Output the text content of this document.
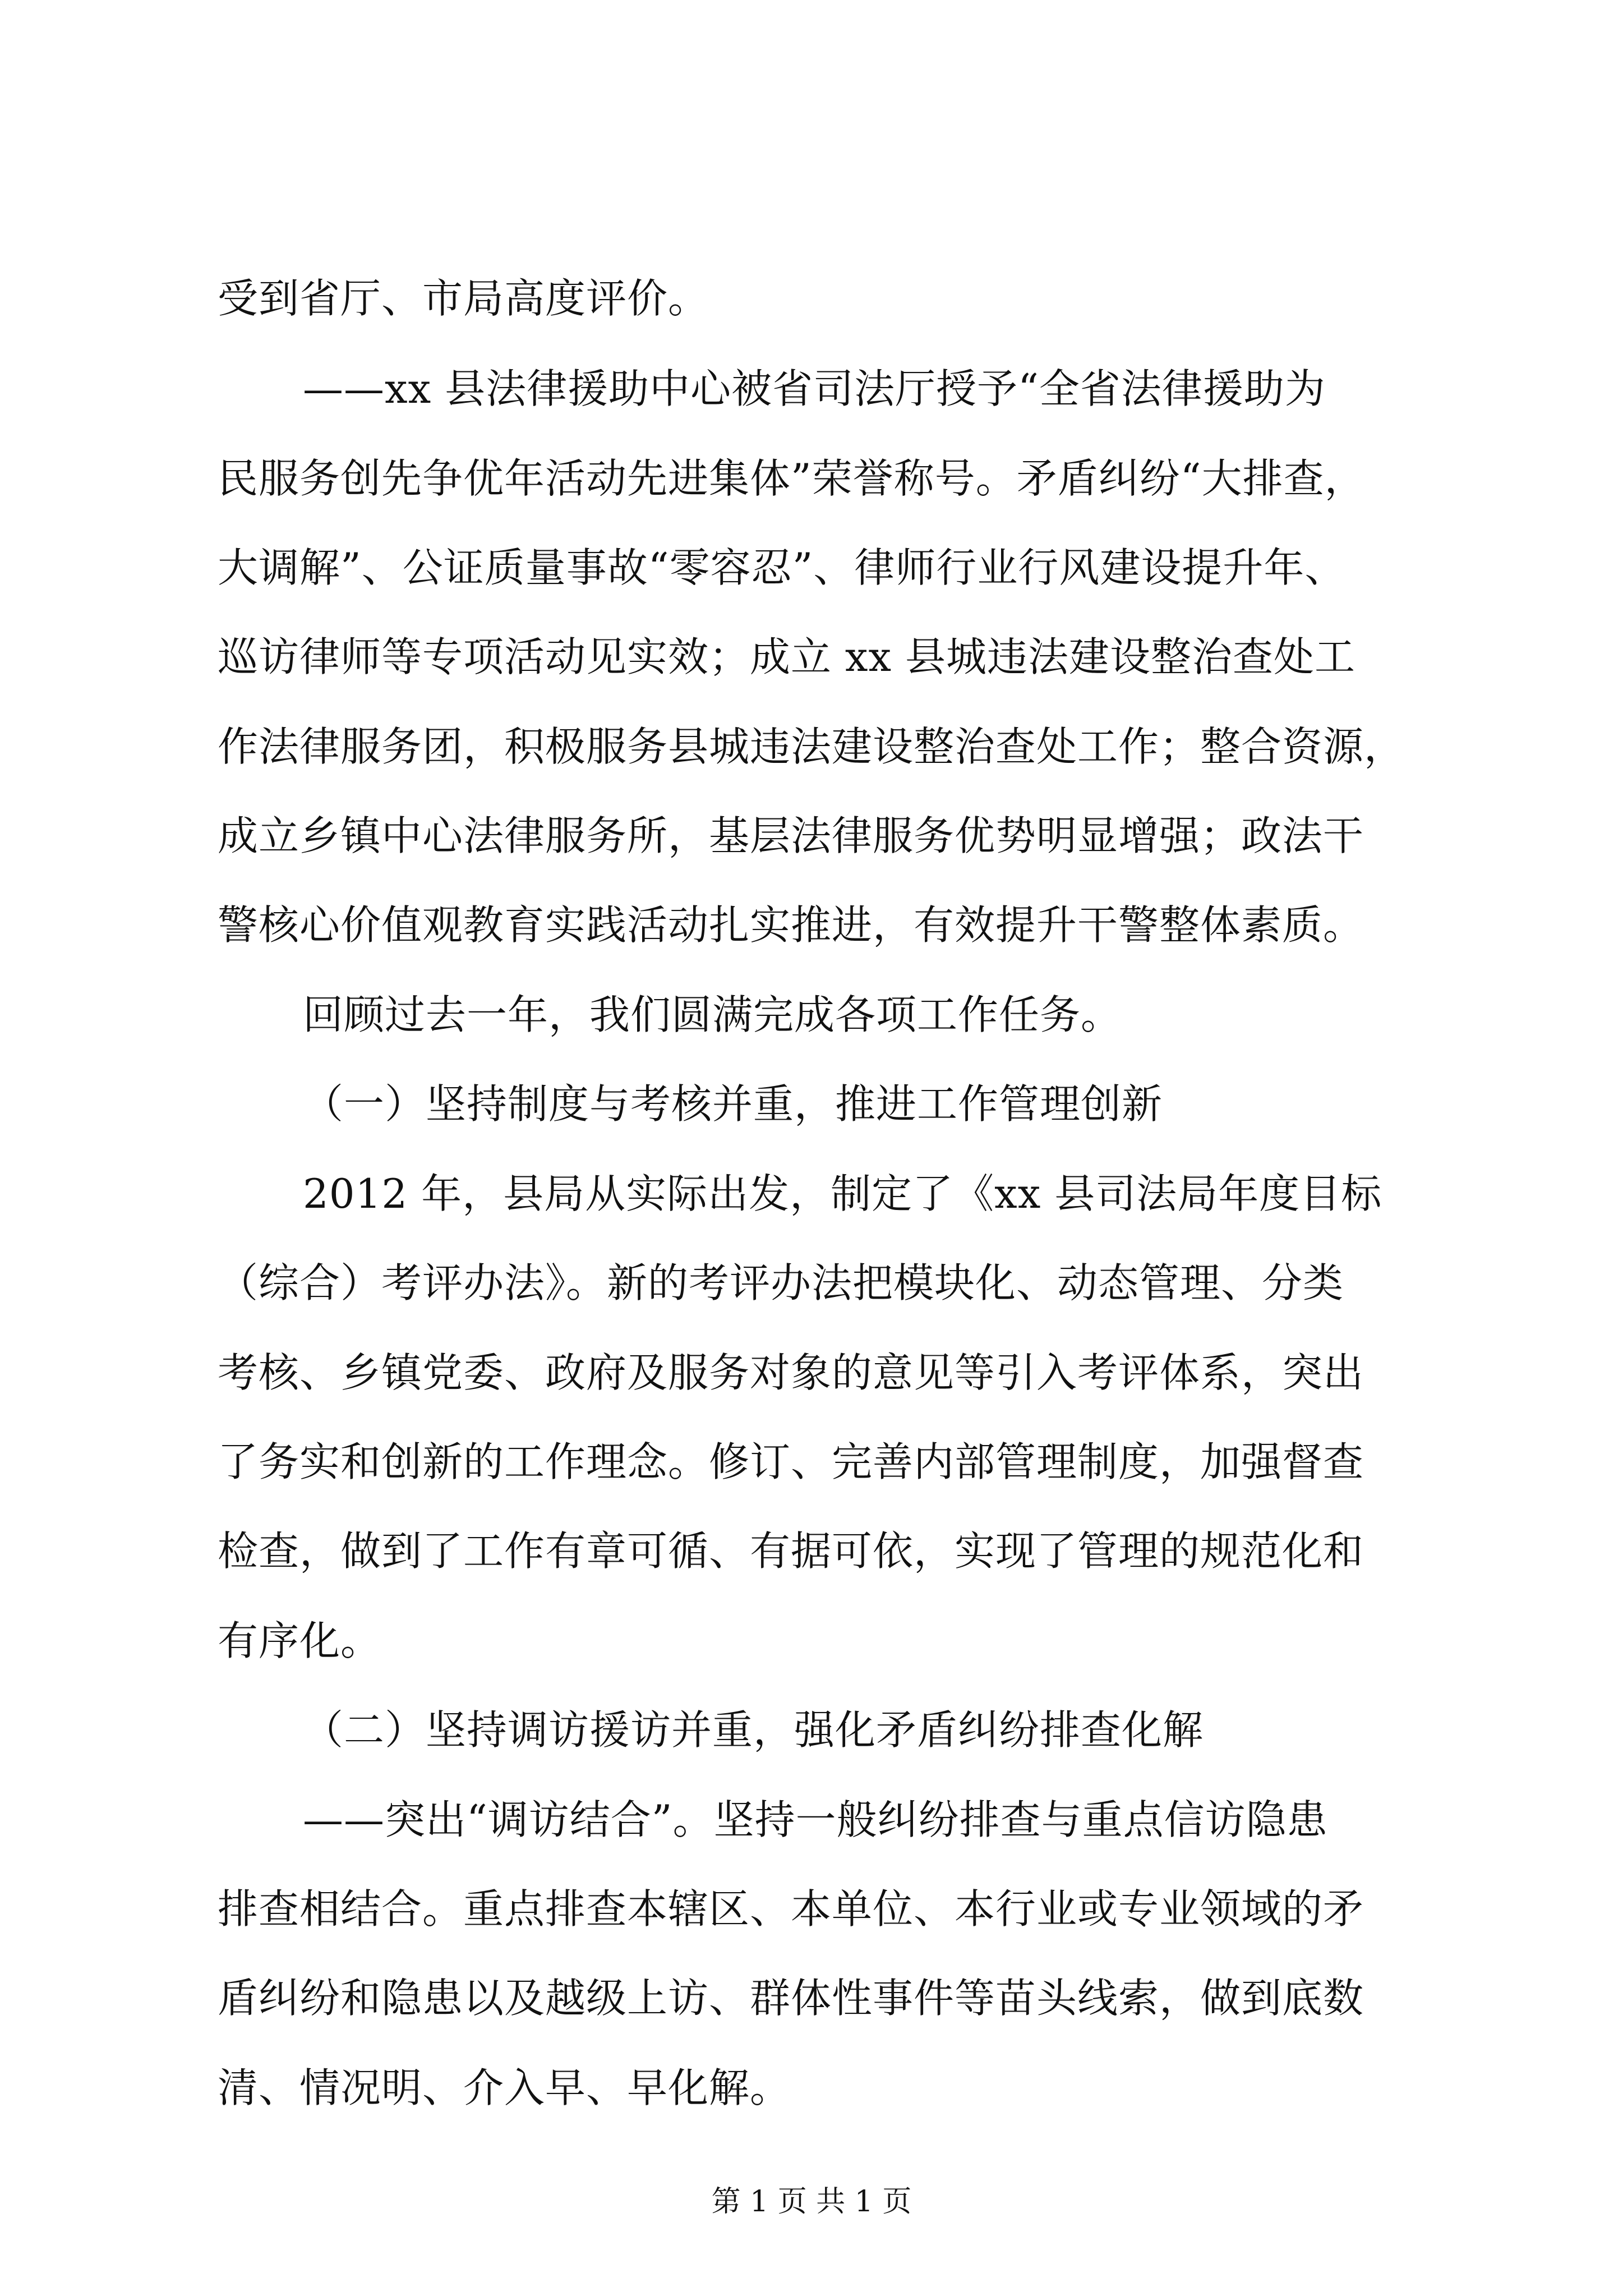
受到省厅、市局高度评价。
——xx 县法律援助中心被省司法厅授予“全省法律援助为
民服务创先争优年活动先进集体”荣誉称号。矛盾纠纷“大排查，
大调解”、公证质量事故“零容忍”、律师行业行风建设提升年、
巡访律师等专项活动见实效；成立 xx 县城违法建设整治查处工
作法律服务团，积极服务县城违法建设整治查处工作；整合资源，
成立乡镇中心法律服务所，基层法律服务优势明显增强；政法干
警核心价值观教育实践活动扎实推进，有效提升干警整体素质。
回顾过去一年，我们圆满完成各项工作任务。
（一）坚持制度与考核并重，推进工作管理创新
2012 年，县局从实际出发，制定了《xx 县司法局年度目标
（综合）考评办法》。新的考评办法把模块化、动态管理、分类
考核、乡镇党委、政府及服务对象的意见等引入考评体系，突出
了务实和创新的工作理念。修订、完善内部管理制度，加强督查
检查，做到了工作有章可循、有据可依，实现了管理的规范化和
有序化。
（二）坚持调访援访并重，强化矛盾纠纷排查化解
——突出“调访结合”。坚持一般纠纷排查与重点信访隐患
排查相结合。重点排查本辖区、本单位、本行业或专业领域的矛
盾纠纷和隐患以及越级上访、群体性事件等苗头线索，做到底数
清、情况明、介入早、早化解。
第 1 页 共 1 页
